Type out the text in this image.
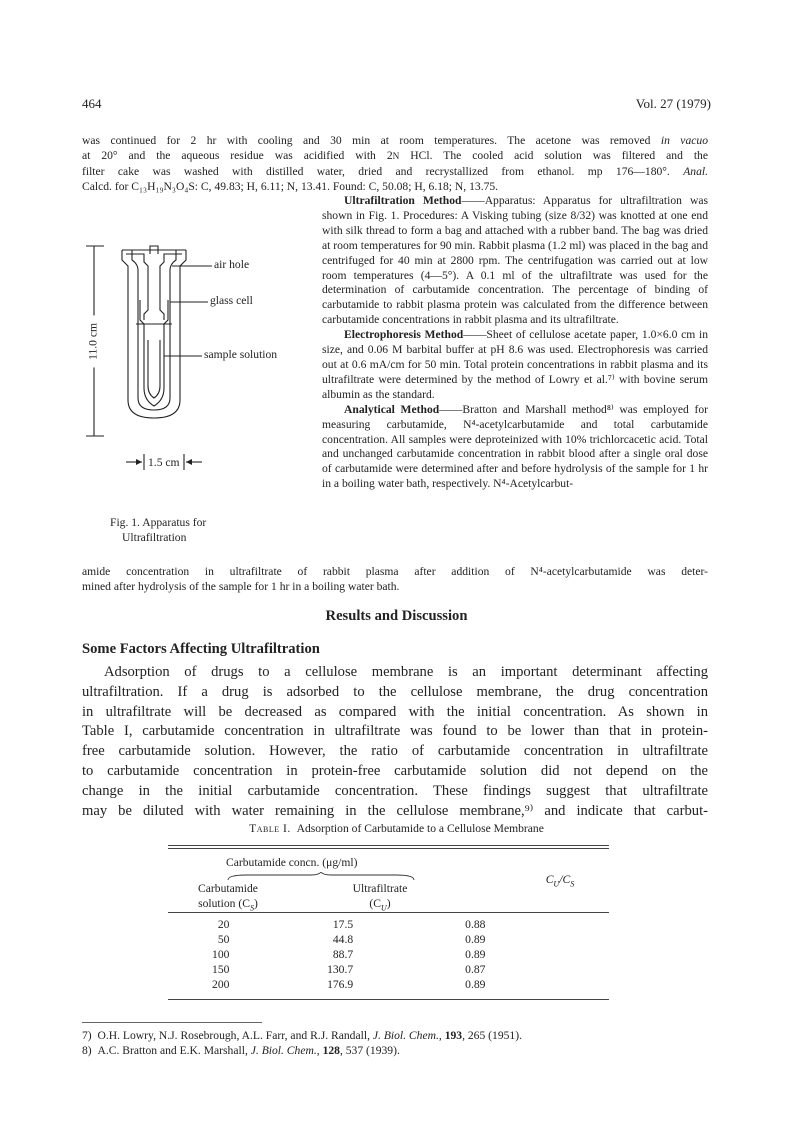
464	Vol. 27 (1979)
was continued for 2 hr with cooling and 30 min at room temperatures. The acetone was removed in vacuo
at 20° and the aqueous residue was acidified with 2N HCl. The cooled acid solution was filtered and the
filter cake was washed with distilled water, dried and recrystallized from ethanol. mp 176—180°. Anal.
Calcd. for C₁₃H₁₉N₃O₄S: C, 49.83; H, 6.11; N, 13.41. Found: C, 50.08; H, 6.18; N, 13.75.
air hole
glass cell
sample solution
11.0 cm
1.5 cm
Fig. 1. Apparatus for
Ultrafiltration

Ultrafiltration Method——Apparatus: Apparatus for ultrafiltration was shown in Fig. 1. Procedures: A Visking tubing (size 8/32) was knotted at one end with silk thread to form a bag and attached with a rubber band. The bag was dried at room temperatures for 90 min. Rabbit plasma (1.2 ml) was placed in the bag and centrifuged for 40 min at 2800 rpm. The centrifugation was carried out at low room temperatures (4—5°). A 0.1 ml of the ultrafiltrate was used for the determination of carbutamide concentration. The percentage of binding of carbutamide to rabbit plasma protein was calculated from the difference between carbutamide concentrations in rabbit plasma and its ultrafiltrate.

Electrophoresis Method——Sheet of cellulose acetate paper, 1.0×6.0 cm in size, and 0.06 M barbital buffer at pH 8.6 was used. Electrophoresis was carried out at 0.6 mA/cm for 50 min. Total protein concentrations in rabbit plasma and its ultrafiltrate were determined by the method of Lowry et al.⁷⁾ with bovine serum albumin as the standard.

Analytical Method——Bratton and Marshall method⁸⁾ was employed for measuring carbutamide, N⁴-acetylcarbutamide and total carbutamide concentration. All samples were deproteinized with 10% trichlorcacetic acid. Total and unchanged carbutamide concentration in rabbit blood after a single oral dose of carbutamide were determined after and before hydrolysis of the sample for 1 hr in a boiling water bath, respectively. N⁴-Acetylcarbut-

amide concentration in ultrafiltrate of rabbit plasma after addition of N⁴-acetylcarbutamide was deter-
mined after hydrolysis of the sample for 1 hr in a boiling water bath.
Results and Discussion
Some Factors Affecting Ultrafiltration
Adsorption of drugs to a cellulose membrane is an important determinant affecting
ultrafiltration. If a drug is adsorbed to the cellulose membrane, the drug concentration
in ultrafiltrate will be decreased as compared with the initial concentration. As shown in
Table I, carbutamide concentration in ultrafiltrate was found to be lower than that in protein-
free carbutamide solution. However, the ratio of carbutamide concentration in ultrafiltrate
to carbutamide concentration in protein-free carbutamide solution did not depend on the
change in the initial carbutamide concentration. These findings suggest that ultrafiltrate
may be diluted with water remaining in the cellulose membrane,⁹⁾ and indicate that carbut-
Table I. Adsorption of Carbutamide to a Cellulose Membrane
Carbutamide concn. (μg/ml)
Carbutamide
solution $(C_S)$
Ultrafiltrate
$(C_U)$
$C_U/C_S$
20	17.5	0.88
50	44.8	0.89
100	88.7	0.89
150	130.7	0.87
200	176.9	0.89
7) O.H. Lowry, N.J. Rosebrough, A.L. Farr, and R.J. Randall, J. Biol. Chem., 193, 265 (1951).
8) A.C. Bratton and E.K. Marshall, J. Biol. Chem., 128, 537 (1939).
